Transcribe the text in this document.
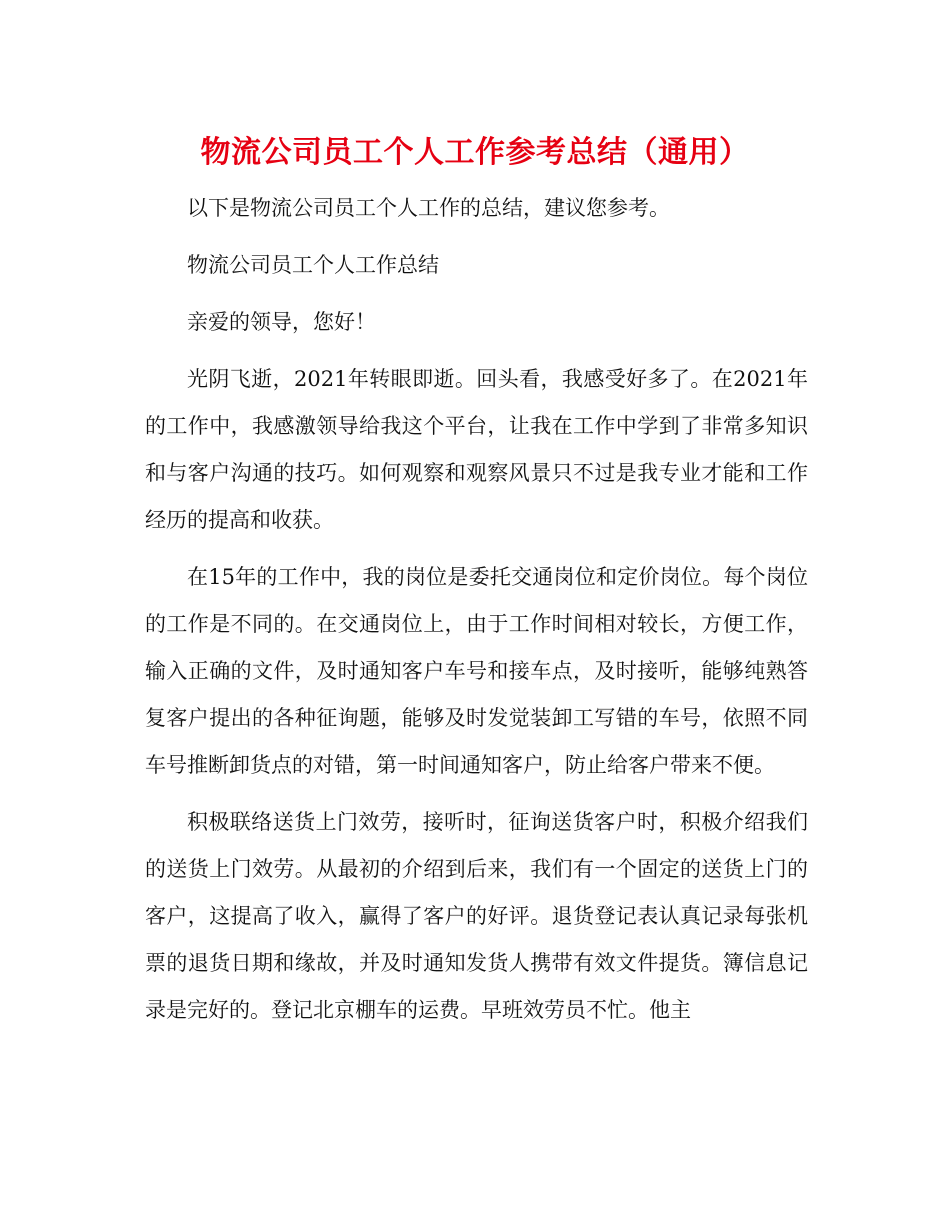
物流公司员工个人工作参考总结（通用）

以下是物流公司员工个人工作的总结，建议您参考。

物流公司员工个人工作总结

亲爱的领导，您好！

光阴飞逝，2021年转眼即逝。回头看，我感受好多了。在2021年的工作中，我感激领导给我这个平台，让我在工作中学到了非常多知识和与客户沟通的技巧。如何观察和观察风景只不过是我专业才能和工作经历的提高和收获。

在15年的工作中，我的岗位是委托交通岗位和定价岗位。每个岗位的工作是不同的。在交通岗位上，由于工作时间相对较长，方便工作，输入正确的文件，及时通知客户车号和接车点，及时接听，能够纯熟答复客户提出的各种征询题，能够及时发觉装卸工写错的车号，依照不同车号推断卸货点的对错，第一时间通知客户，防止给客户带来不便。

积极联络送货上门效劳，接听时，征询送货客户时，积极介绍我们的送货上门效劳。从最初的介绍到后来，我们有一个固定的送货上门的客户，这提高了收入，赢得了客户的好评。退货登记表认真记录每张机票的退货日期和缘故，并及时通知发货人携带有效文件提货。簿信息记录是完好的。登记北京棚车的运费。早班效劳员不忙。他主
